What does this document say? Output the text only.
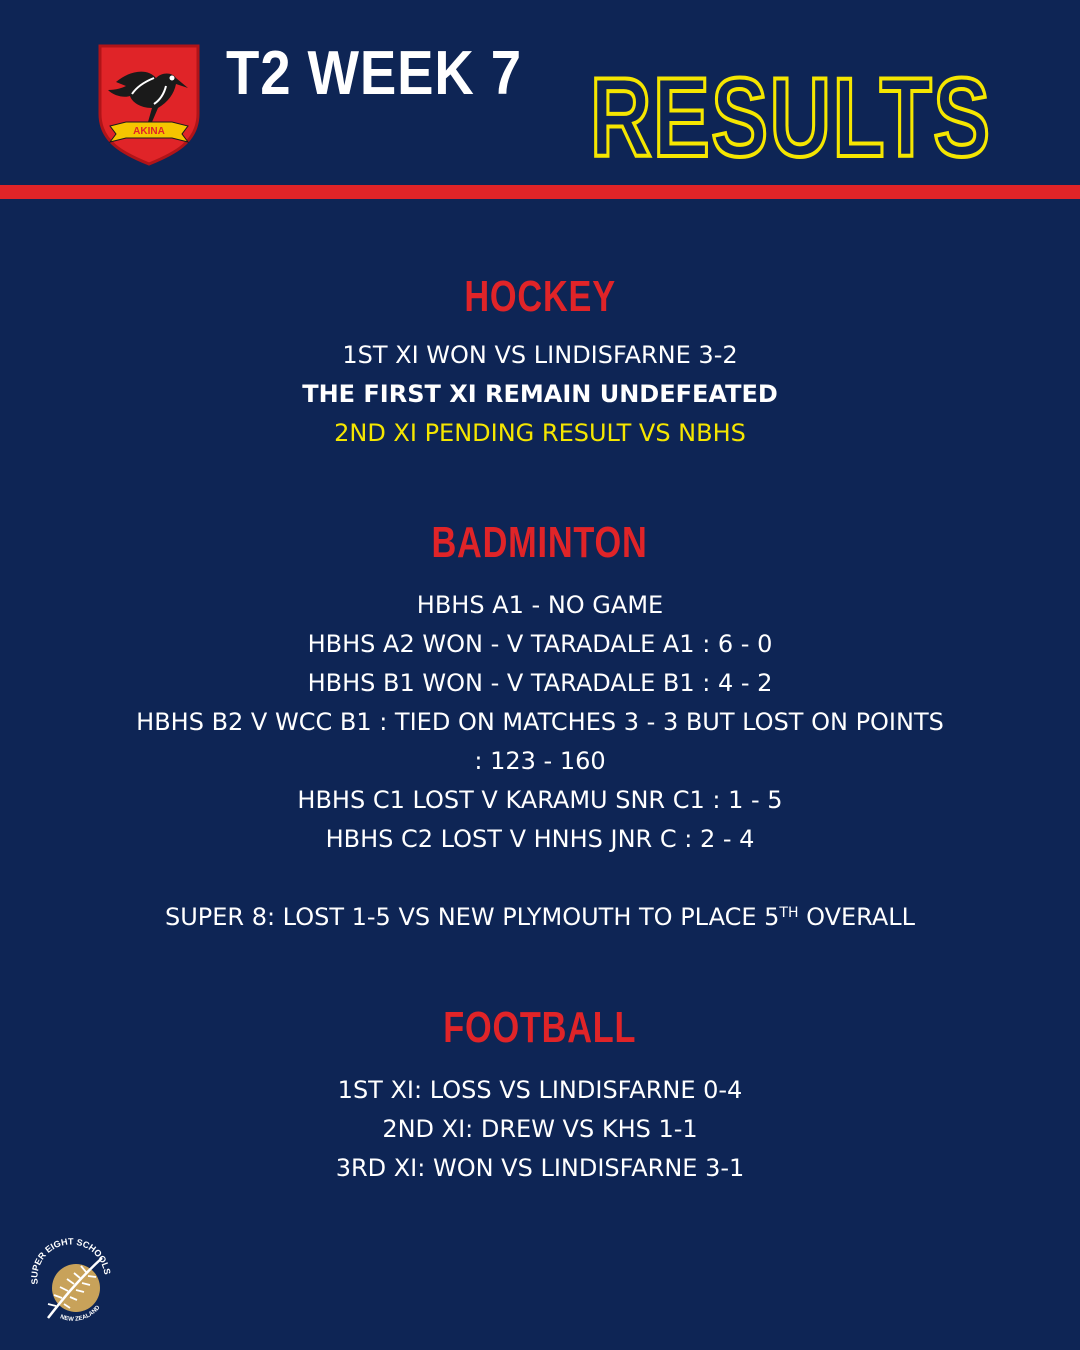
AKINA
T2 WEEK 7 RESULTS
HOCKEY

1ST XI WON VS LINDISFARNE 3-2

THE FIRST XI REMAIN UNDEFEATED

2ND XI PENDING RESULT VS NBHS

BADMINTON

HBHS A1 - NO GAME

HBHS A2 WON - V TARADALE A1 : 6 - 0

HBHS B1 WON - V TARADALE B1 : 4 - 2

HBHS B2 V WCC B1 : TIED ON MATCHES 3 - 3 BUT LOST ON POINTS

: 123 - 160

HBHS C1 LOST V KARAMU SNR C1 : 1 - 5

HBHS C2 LOST V HNHS JNR C : 2 - 4

SUPER 8: LOST 1-5 VS NEW PLYMOUTH TO PLACE 5TH OVERALL

FOOTBALL

1ST XI: LOSS VS LINDISFARNE 0-4

2ND XI: DREW VS KHS 1-1

3RD XI: WON VS LINDISFARNE 3-1

SUPER EIGHT SCHOOLS
NEW ZEALAND
